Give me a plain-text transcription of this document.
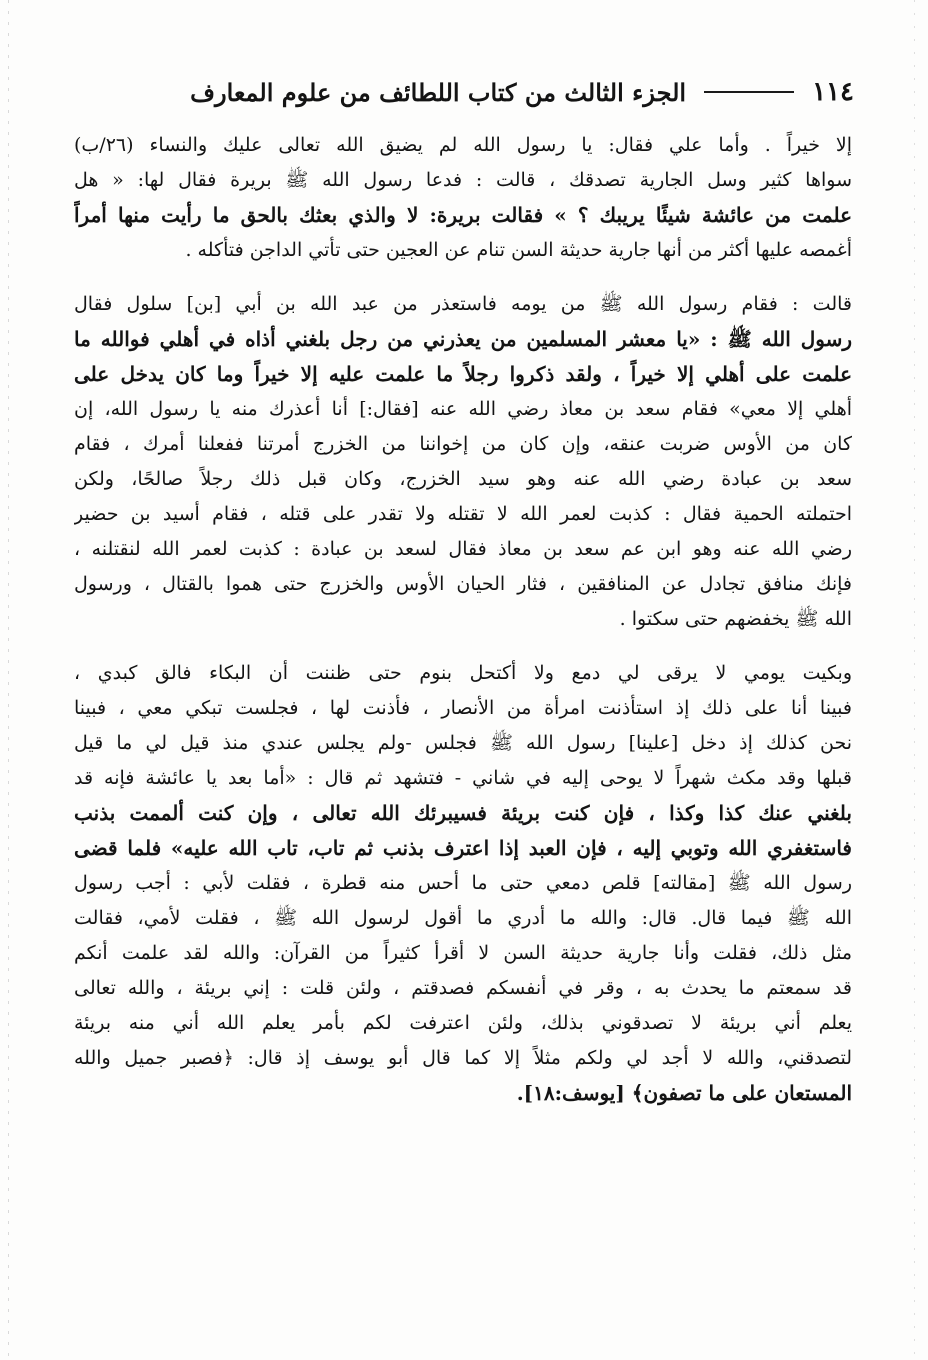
١١٤
الجزء الثالث من كتاب اللطائف من علوم المعارف
إلا خيراً . وأما علي فقال: يا رسول الله لم يضيق الله تعالى عليك والنساء (٢٦/ب)
سواها كثير وسل الجارية تصدقك ، قالت : فدعا رسول الله ﷺ بريرة فقال لها: « هل
علمت من عائشة شيئًا يريبك ؟ » فقالت بريرة: لا والذي بعثك بالحق ما رأيت منها أمراً
أغمصه عليها أكثر من أنها جارية حديثة السن تنام عن العجين حتى تأتي الداجن فتأكله .
قالت : فقام رسول الله ﷺ من يومه فاستعذر من عبد الله بن أبي [بن] سلول فقال
رسول الله ﷺ : «يا معشر المسلمين من يعذرني من رجل بلغني أذاه في أهلي فوالله ما
علمت على أهلي إلا خيراً ، ولقد ذكروا رجلاً ما علمت عليه إلا خيراً وما كان يدخل على
أهلي إلا معي» فقام سعد بن معاذ رضي الله عنه [فقال:] أنا أعذرك منه يا رسول الله، إن
كان من الأوس ضربت عنقه، وإن كان من إخواننا من الخزرج أمرتنا ففعلنا أمرك ، فقام
سعد بن عبادة رضي الله عنه وهو سيد الخزرج، وكان قبل ذلك رجلاً صالحًا، ولكن
احتملته الحمية فقال : كذبت لعمر الله لا تقتله ولا تقدر على قتله ، فقام أسيد بن حضير
رضي الله عنه وهو ابن عم سعد بن معاذ فقال لسعد بن عبادة : كذبت لعمر الله لنقتلنه ،
فإنك منافق تجادل عن المنافقين ، فثار الحيان الأوس والخزرج حتى هموا بالقتال ، ورسول
الله ﷺ يخفضهم حتى سكتوا .
وبكيت يومي لا يرقى لي دمع ولا أكتحل بنوم حتى ظننت أن البكاء فالق كبدي ،
فبينا أنا على ذلك إذ استأذنت امرأة من الأنصار ، فأذنت لها ، فجلست تبكي معي ، فبينا
نحن كذلك إذ دخل [علينا] رسول الله ﷺ فجلس -ولم يجلس عندي منذ قيل لي ما قيل
قبلها وقد مكث شهراً لا يوحى إليه في شاني - فتشهد ثم قال : «أما بعد يا عائشة فإنه قد
بلغني عنك كذا وكذا ، فإن كنت بريئة فسيبرئك الله تعالى ، وإن كنت ألممت بذنب
فاستغفري الله وتوبي إليه ، فإن العبد إذا اعترف بذنب ثم تاب، تاب الله عليه» فلما قضى
رسول الله ﷺ [مقالته] قلص دمعي حتى ما أحس منه قطرة ، فقلت لأبي : أجب رسول
الله ﷺ فيما قال. قال: والله ما أدري ما أقول لرسول الله ﷺ ، فقلت لأمي، فقالت
مثل ذلك، فقلت وأنا جارية حديثة السن لا أقرأ كثيراً من القرآن: والله لقد علمت أنكم
قد سمعتم ما يحدث به ، وقر في أنفسكم فصدقتم ، ولئن قلت : إني بريئة ، والله تعالى
يعلم أني بريئة لا تصدقوني بذلك، ولئن اعترفت لكم بأمر يعلم الله أني منه بريئة
لتصدقني، والله لا أجد لي ولكم مثلاً إلا كما قال أبو يوسف إذ قال: ﴿فصبر جميل والله
المستعان على ما تصفون﴾ [يوسف:١٨].
